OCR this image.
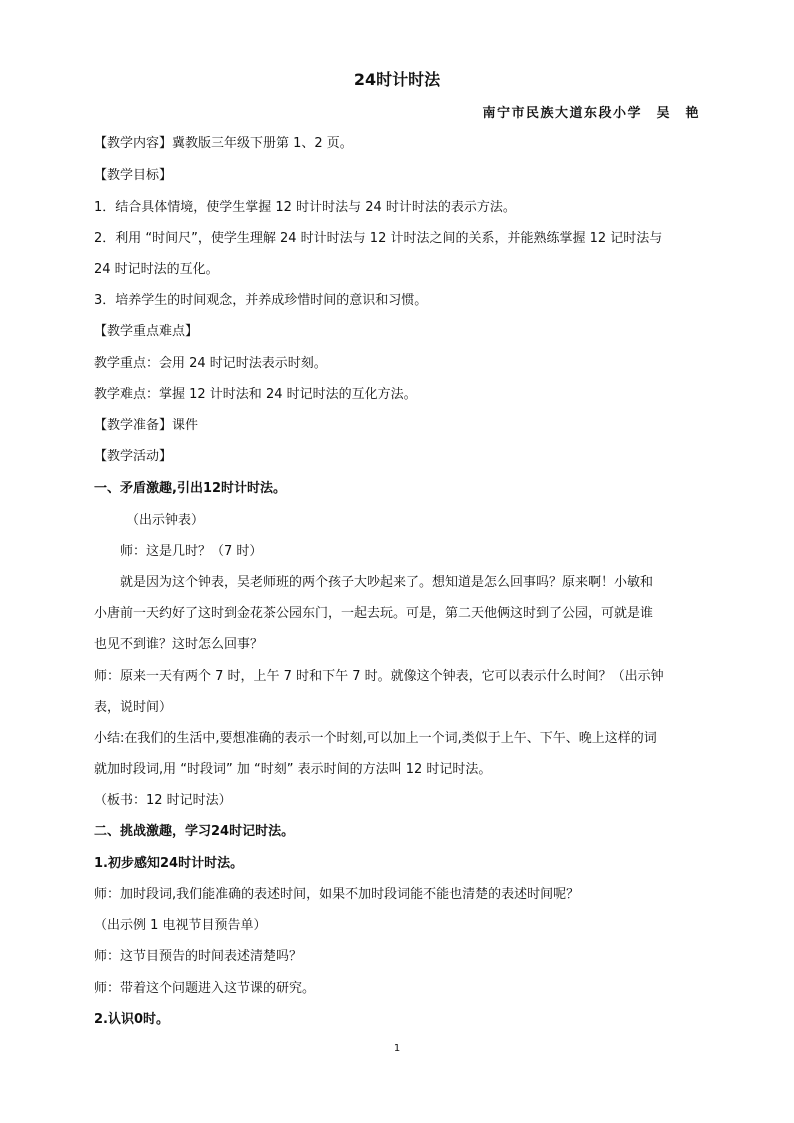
24时计时法
南宁市民族大道东段小学　吴　艳
【教学内容】冀教版三年级下册第 1、2 页。
【教学目标】
1．结合具体情境，使学生掌握 12 时计时法与 24 时计时法的表示方法。
2．利用 “时间尺”，使学生理解 24 时计时法与 12 计时法之间的关系，并能熟练掌握 12 记时法与
24 时记时法的互化。
3．培养学生的时间观念，并养成珍惜时间的意识和习惯。
【教学重点难点】
教学重点：会用 24 时记时法表示时刻。
教学难点：掌握 12 计时法和 24 时记时法的互化方法。
【教学准备】课件
【教学活动】
一、矛盾激趣,引出12时计时法。
（出示钟表）
师：这是几时？（7 时）
就是因为这个钟表，吴老师班的两个孩子大吵起来了。想知道是怎么回事吗？原来啊！小敏和
小唐前一天约好了这时到金花茶公园东门，一起去玩。可是，第二天他俩这时到了公园，可就是谁
也见不到谁？这时怎么回事？
师：原来一天有两个 7 时，上午 7 时和下午 7 时。就像这个钟表，它可以表示什么时间？（出示钟
表，说时间）
小结:在我们的生活中,要想准确的表示一个时刻,可以加上一个词,类似于上午、下午、晚上这样的词
就加时段词,用 “时段词” 加 “时刻” 表示时间的方法叫 12 时记时法。
（板书：12 时记时法）
二、挑战激趣，学习24时记时法。
1.初步感知24时计时法。
师：加时段词,我们能准确的表述时间，如果不加时段词能不能也清楚的表述时间呢？
（出示例 1 电视节目预告单）
师：这节目预告的时间表述清楚吗？
师：带着这个问题进入这节课的研究。
2.认识0时。
1
